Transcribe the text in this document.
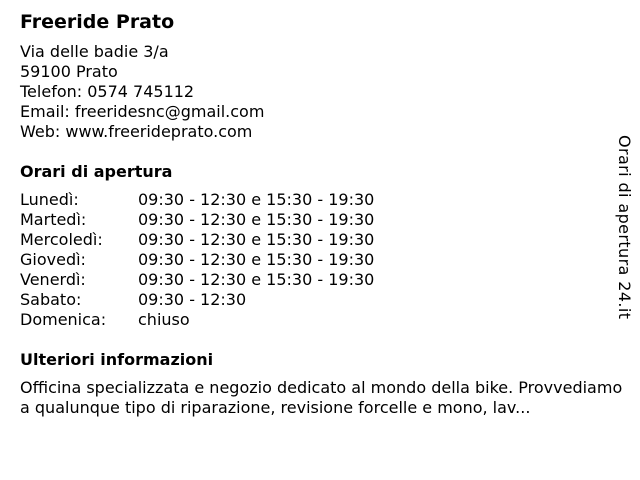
Freeride Prato
Via delle badie 3/a
59100 Prato
Telefon: 0574 745112
Email: freeridesnc@gmail.com
Web: www.freerideprato.com
Orari di apertura
Lunedì:	09:30 - 12:30 e 15:30 - 19:30
Martedì:	09:30 - 12:30 e 15:30 - 19:30
Mercoledì:	09:30 - 12:30 e 15:30 - 19:30
Giovedì:	09:30 - 12:30 e 15:30 - 19:30
Venerdì:	09:30 - 12:30 e 15:30 - 19:30
Sabato:	09:30 - 12:30
Domenica:	chiuso
Ulteriori informazioni
Officina specializzata e negozio dedicato al mondo della bike. Provvediamo a qualunque tipo di riparazione, revisione forcelle e mono, lav...
Orari di apertura 24.it
